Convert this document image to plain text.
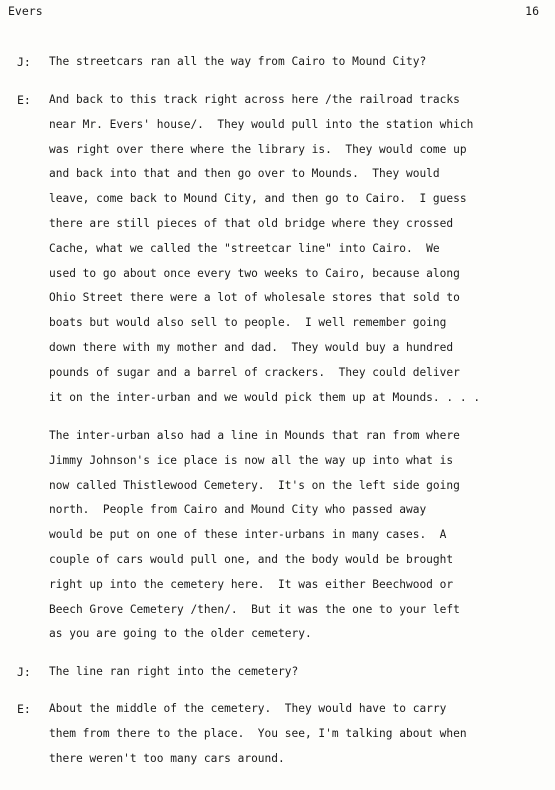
Evers	16
J: The streetcars ran all the way from Cairo to Mound City?
E: And back to this track right across here /the railroad tracks
near Mr. Evers' house/.  They would pull into the station which
was right over there where the library is.  They would come up
and back into that and then go over to Mounds.  They would
leave, come back to Mound City, and then go to Cairo.  I guess
there are still pieces of that old bridge where they crossed
Cache, what we called the "streetcar line" into Cairo.  We
used to go about once every two weeks to Cairo, because along
Ohio Street there were a lot of wholesale stores that sold to
boats but would also sell to people.  I well remember going
down there with my mother and dad.  They would buy a hundred
pounds of sugar and a barrel of crackers.  They could deliver
it on the inter-urban and we would pick them up at Mounds. . . .
The inter-urban also had a line in Mounds that ran from where
Jimmy Johnson's ice place is now all the way up into what is
now called Thistlewood Cemetery.  It's on the left side going
north.  People from Cairo and Mound City who passed away
would be put on one of these inter-urbans in many cases.  A
couple of cars would pull one, and the body would be brought
right up into the cemetery here.  It was either Beechwood or
Beech Grove Cemetery /then/.  But it was the one to your left
as you are going to the older cemetery.
J: The line ran right into the cemetery?
E: About the middle of the cemetery.  They would have to carry
them from there to the place.  You see, I'm talking about when
there weren't too many cars around.
